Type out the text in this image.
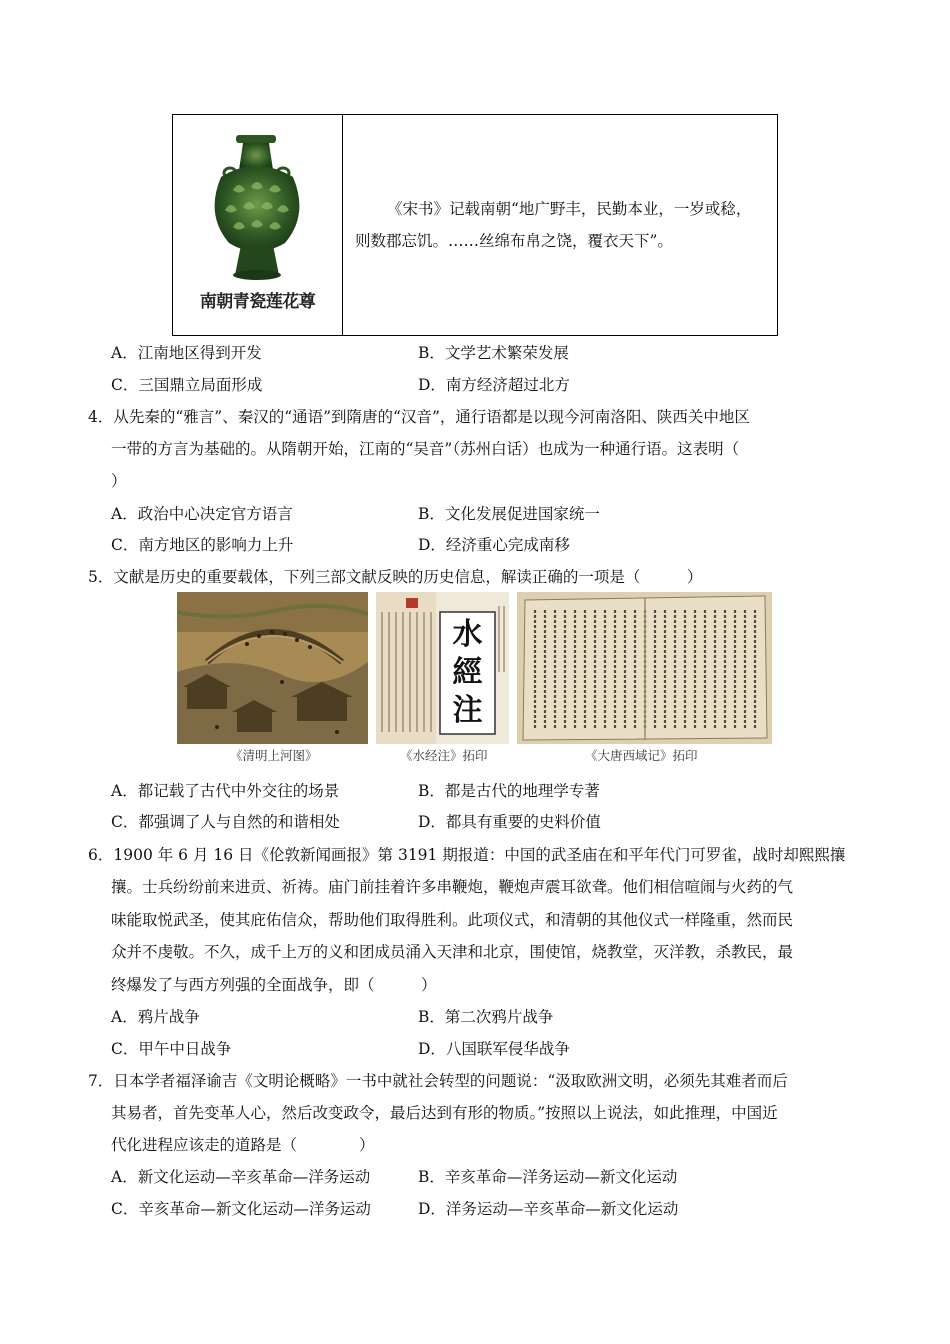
南朝青瓷莲花尊
《宋书》记载南朝“地广野丰，民勤本业，一岁或稔，则数郡忘饥。……丝绵布帛之饶，覆衣天下”。
A．江南地区得到开发	B．文学艺术繁荣发展
C．三国鼎立局面形成	D．南方经济超过北方
4．从先秦的“雅言”、秦汉的“通语”到隋唐的“汉音”，通行语都是以现今河南洛阳、陕西关中地区
一带的方言为基础的。从隋朝开始，江南的“吴音”（苏州白话）也成为一种通行语。这表明（
）
A．政治中心决定官方语言	B．文化发展促进国家统一
C．南方地区的影响力上升	D．经济重心完成南移
5．文献是历史的重要载体，下列三部文献反映的历史信息，解读正确的一项是（　　　）
《清明上河图》
水
經
注
《水经注》拓印	《大唐西域记》拓印
A．都记载了古代中外交往的场景	B．都是古代的地理学专著
C．都强调了人与自然的和谐相处	D．都具有重要的史料价值
6．1900 年 6 月 16 日《伦敦新闻画报》第 3191 期报道：中国的武圣庙在和平年代门可罗雀，战时却熙熙攘
攘。士兵纷纷前来进贡、祈祷。庙门前挂着许多串鞭炮，鞭炮声震耳欲聋。他们相信喧闹与火药的气
味能取悦武圣，使其庇佑信众，帮助他们取得胜利。此项仪式，和清朝的其他仪式一样隆重，然而民
众并不虔敬。不久，成千上万的义和团成员涌入天津和北京，围使馆，烧教堂，灭洋教，杀教民，最
终爆发了与西方列强的全面战争，即（　　　）
A．鸦片战争	B．第二次鸦片战争
C．甲午中日战争	D．八国联军侵华战争
7．日本学者福泽谕吉《文明论概略》一书中就社会转型的问题说：“汲取欧洲文明，必须先其难者而后
其易者，首先变革人心，然后改变政令，最后达到有形的物质。”按照以上说法，如此推理，中国近
代化进程应该走的道路是（　　　　）
A．新文化运动—辛亥革命—洋务运动	B．辛亥革命—洋务运动—新文化运动
C．辛亥革命—新文化运动—洋务运动	D．洋务运动—辛亥革命—新文化运动
